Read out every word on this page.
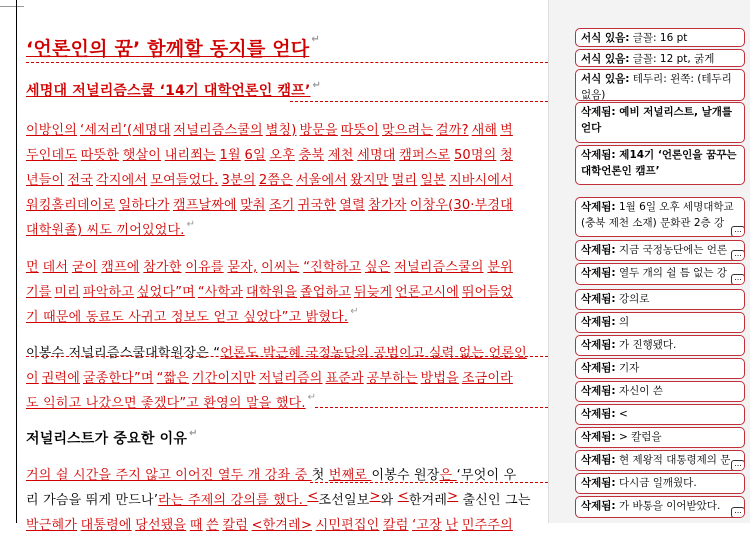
‘언론인의 꿈’ 함께할 동지를 얻다 ↵
세명대 저널리즘스쿨 ‘14기 대학언론인 캠프’ ↵
이방인의 ‘세저리’(세명대 저널리즘스쿨의 별칭) 방문을 따뜻이 맞으려는 걸까? 새해 벽
두인데도 따뜻한 햇살이 내리쬐는 1월 6일 오후 충북 제천 세명대 캠퍼스로 50명의 청
년들이 전국 각지에서 모여들었다. 3분의 2쯤은 서울에서 왔지만 멀리 일본 지바시에서
워킹홀리데이로 일하다가 캠프날짜에 맞춰 조기 귀국한 열렬 참가자 이창우(30·부경대
대학원졸) 씨도 끼어있었다. ↵
먼 데서 굳이 캠프에 참가한 이유를 묻자, 이씨는 “진학하고 싶은 저널리즘스쿨의 분위
기를 미리 파악하고 싶었다”며 “사학과 대학원을 졸업하고 뒤늦게 언론고시에 뛰어들었
기 때문에 동료도 사귀고 정보도 얻고 싶었다”고 밝혔다. ↵
이봉수 저널리즘스쿨대학원장은 “ 언론도 박근혜 국정농단의 공범이고 실력 없는 언론인
이 권력에 굴종한다”며 “짧은 기간이지만 저널리즘의 표준과 공부하는 방법을 조금이라
도 익히고 나갔으면 좋겠다”고 환영의 말을 했다. ↵
저널리스트가 중요한 이유 ↵
거의 쉴 시간을 주지 않고 이어진 열두 개 강좌 중 첫 번째로 이봉수 원장 은 ‘무엇이 우
리 가슴을 뛰게 만드나’ 라는 주제의 강의를 했다. < 조선일보 > 와 < 한겨레 > 출신인 그는
박근혜가 대통령에 당선됐을 때 쓴 칼럼 <한겨레> 시민편집인 칼럼 ‘고장 난 민주주의
서식 있음: 글꼴: 16 pt
서식 있음: 글꼴: 12 pt, 굵게
서식 있음: 테두리: 왼쪽: (테두리 없음)
삭제됨: 예비 저널리스트, 날개를 얻다
삭제됨: 제14기 ‘언론인을 꿈꾸는 대학언론인 캠프’
삭제됨: 1월 6일 오후 세명대학교 (충북 제천 소재) 문화관 2층 강
...
삭제됨: 지금 국정농단에는 언론 ...
삭제됨: 열두 개의 쉴 틈 없는 강 ...
삭제됨: 강의로
삭제됨: 의
삭제됨: 가 진행됐다.
삭제됨: 기자
삭제됨: 자신이 쓴
삭제됨: <
삭제됨: > 칼럼을
삭제됨: 현 제왕적 대통령제의 문 ...
삭제됨: 다시금 일깨웠다.
삭제됨: 가 바통을 이어받았다.	...
